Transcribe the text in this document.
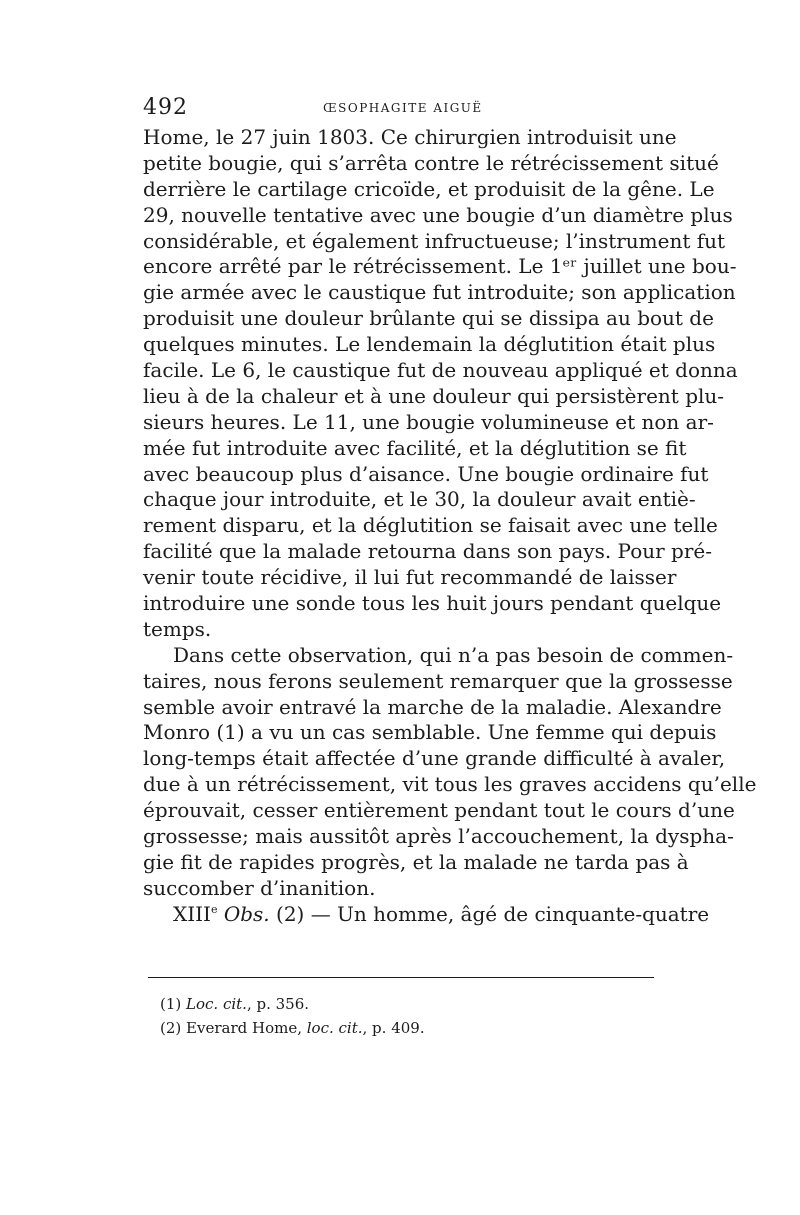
492	ŒSOPHAGITE AIGUË
Home, le 27 juin 1803. Ce chirurgien introduisit une
petite bougie, qui s’arrêta contre le rétrécissement situé
derrière le cartilage cricoïde, et produisit de la gêne. Le
29, nouvelle tentative avec une bougie d’un diamètre plus
considérable, et également infructueuse; l’instrument fut
encore arrêté par le rétrécissement. Le 1ᵉʳ juillet une bou-
gie armée avec le caustique fut introduite; son application
produisit une douleur brûlante qui se dissipa au bout de
quelques minutes. Le lendemain la déglutition était plus
facile. Le 6, le caustique fut de nouveau appliqué et donna
lieu à de la chaleur et à une douleur qui persistèrent plu-
sieurs heures. Le 11, une bougie volumineuse et non ar-
mée fut introduite avec facilité, et la déglutition se fit
avec beaucoup plus d’aisance. Une bougie ordinaire fut
chaque jour introduite, et le 30, la douleur avait entiè-
rement disparu, et la déglutition se faisait avec une telle
facilité que la malade retourna dans son pays. Pour pré-
venir toute récidive, il lui fut recommandé de laisser
introduire une sonde tous les huit jours pendant quelque
temps.
Dans cette observation, qui n’a pas besoin de commen-
taires, nous ferons seulement remarquer que la grossesse
semble avoir entravé la marche de la maladie. Alexandre
Monro (1) a vu un cas semblable. Une femme qui depuis
long-temps était affectée d’une grande difficulté à avaler,
due à un rétrécissement, vit tous les graves accidens qu’elle
éprouvait, cesser entièrement pendant tout le cours d’une
grossesse; mais aussitôt après l’accouchement, la dyspha-
gie fit de rapides progrès, et la malade ne tarda pas à
succomber d’inanition.
XIIIe Obs. (2) — Un homme, âgé de cinquante-quatre
(1) Loc. cit., p. 356.
(2) Everard Home, loc. cit., p. 409.
